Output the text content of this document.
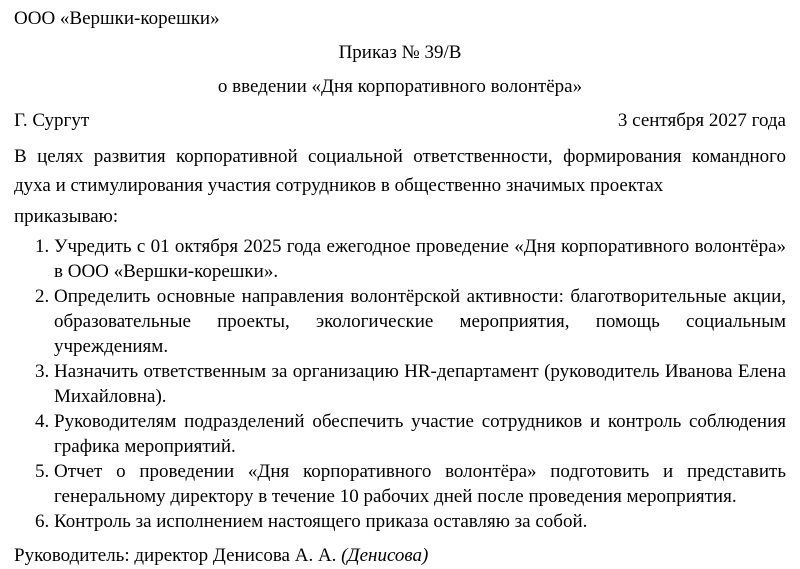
ООО «Вершки-корешки»

Приказ № 39/В
о введении «Дня корпоративного волонтёра»
Г. Сургут	3 сентября 2027 года

В целях развития корпоративной социальной ответственности, формирования командного духа и стимулирования участия сотрудников в общественно значимых проектах

приказываю:

1. Учредить с 01 октября 2025 года ежегодное проведение «Дня корпоративного волонтёра» в ООО «Вершки-корешки».
2. Определить основные направления волонтёрской активности: благотворительные акции, образовательные проекты, экологические мероприятия, помощь социальным учреждениям.
3. Назначить ответственным за организацию HR-департамент (руководитель Иванова Елена Михайловна).
4. Руководителям подразделений обеспечить участие сотрудников и контроль соблюдения графика мероприятий.
5. Отчет о проведении «Дня корпоративного волонтёра» подготовить и представить генеральному директору в течение 10 рабочих дней после проведения мероприятия.
6. Контроль за исполнением настоящего приказа оставляю за собой.

Руководитель: директор Денисова А. А. (Денисова)
